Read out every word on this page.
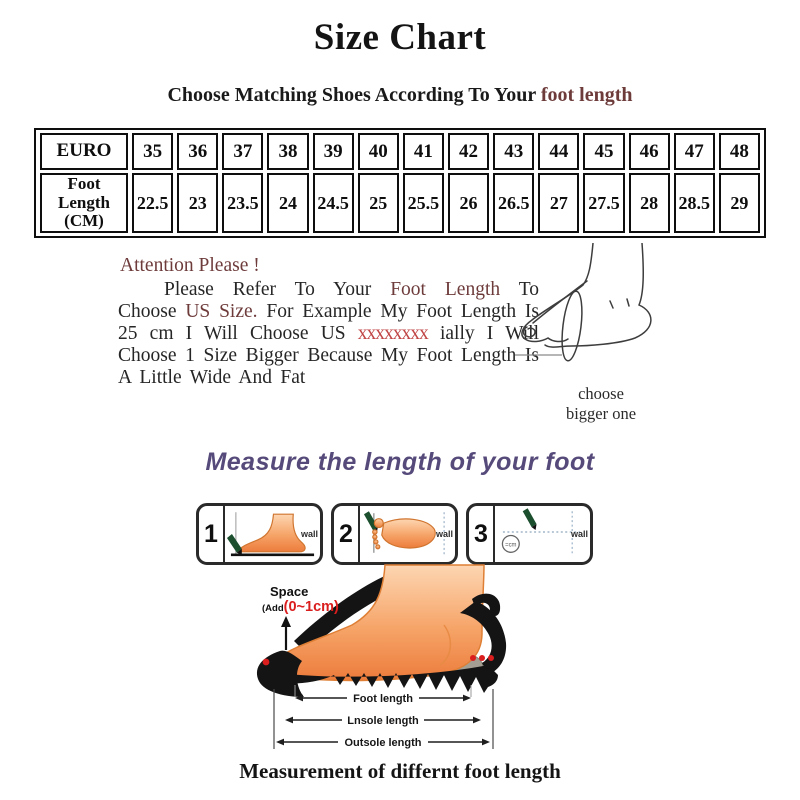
Size Chart
Choose Matching Shoes According To Your foot length
EURO	35	36	37	38	39	40	41	42	43	44	45	46	47	48
Foot Length (CM)	22.5	23	23.5	24	24.5	25	25.5	26	26.5	27	27.5	28	28.5	29
Attention Please !
Please Refer To Your Foot Length To Choose US Size. For Example My Foot Length Is 25 cm I Will Choose US xxxxxxxx ially I Will Choose 1 Size Bigger Because My Foot Length Is A Little Wide And Fat
choose
bigger one
Measure the length of your foot
1	wall 2	wall 3	=cm
wall
Space
(Add(0~1cm)
Foot length
Lnsole length
Outsole length
Measurement of differnt foot length
